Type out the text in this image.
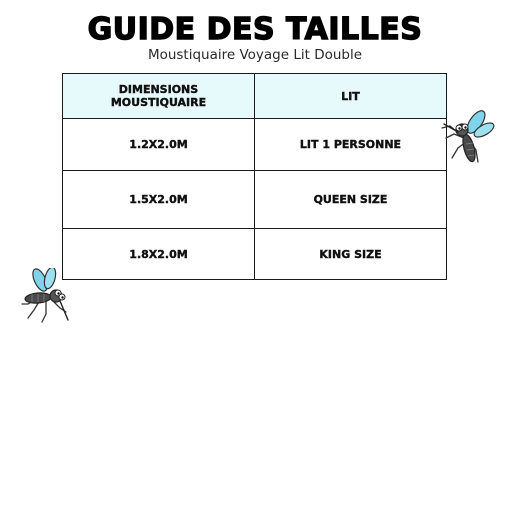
GUIDE DES TAILLES
Moustiquaire Voyage Lit Double
DIMENSIONS MOUSTIQUAIRE	LIT
1.2X2.0M	LIT 1 PERSONNE
1.5X2.0M	QUEEN SIZE
1.8X2.0M	KING SIZE
